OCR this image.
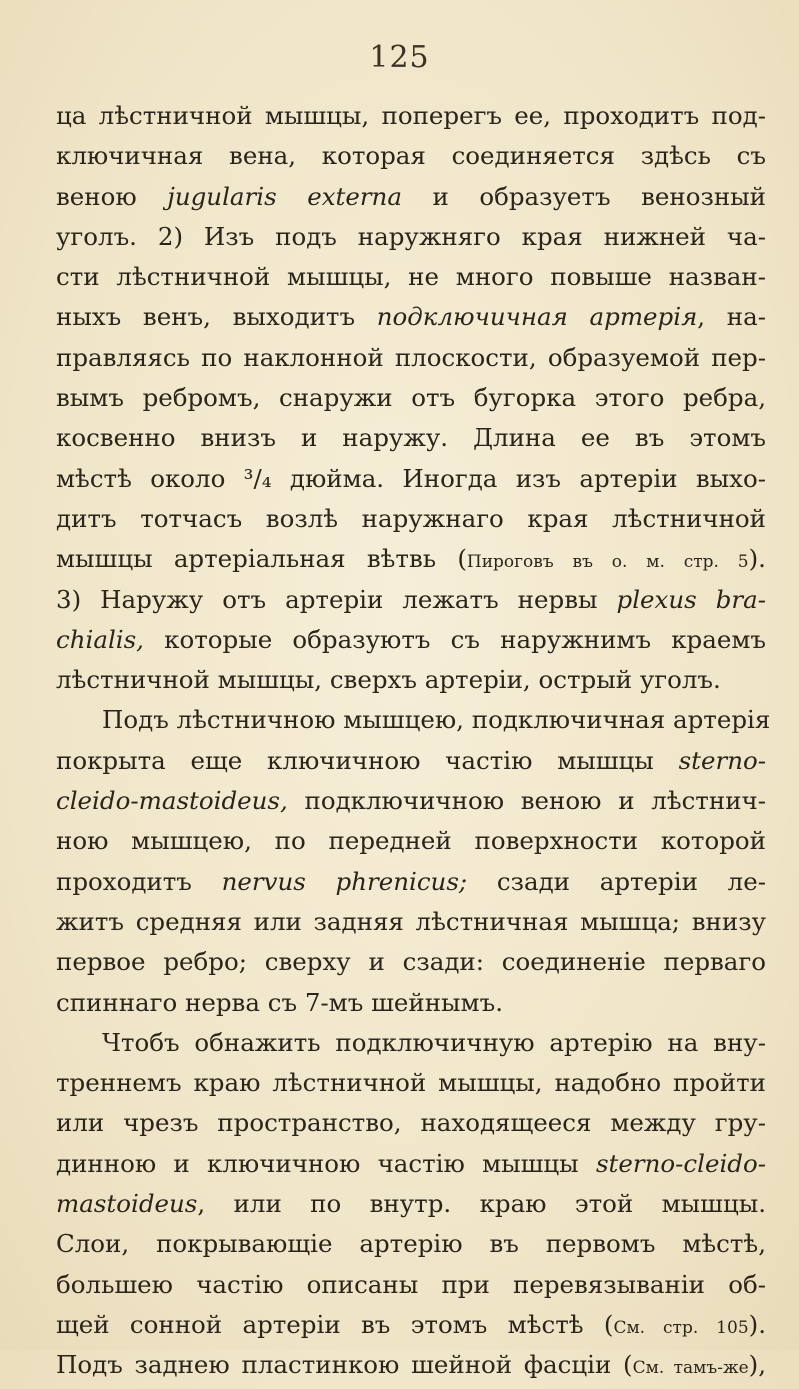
125
ца лѣстничной мышцы, поперегъ ее, проходитъ под-
ключичная вена, которая соединяется здѣсь съ
веною jugularis externa и образуетъ венозный
уголъ. 2) Изъ подъ наружняго края нижней ча-
сти лѣстничной мышцы, не много повыше назван-
ныхъ венъ, выходитъ подключичная артерія, на-
правляясь по наклонной плоскости, образуемой пер-
вымъ ребромъ, снаружи отъ бугорка этого ребра,
косвенно внизъ и наружу. Длина ее въ этомъ
мѣстѣ около ³/₄ дюйма. Иногда изъ артеріи выхо-
дитъ тотчасъ возлѣ наружнаго края лѣстничной
мышцы артеріальная вѣтвь (Пироговъ въ о. м. стр. 5).
3) Наружу отъ артеріи лежатъ нервы plexus bra-
chialis, которые образуютъ съ наружнимъ краемъ
лѣстничной мышцы, сверхъ артеріи, острый уголъ.
Подъ лѣстничною мышцею, подключичная артерія
покрыта еще ключичною частію мышцы sterno-
cleido-mastoideus, подключичною веною и лѣстнич-
ною мышцею, по передней поверхности которой
проходитъ nervus phrenicus; сзади артеріи ле-
житъ средняя или задняя лѣстничная мышца; внизу
первое ребро; сверху и сзади: соединеніе перваго
спиннаго нерва съ 7-мъ шейнымъ.
Чтобъ обнажить подключичную артерію на вну-
треннемъ краю лѣстничной мышцы, надобно пройти
или чрезъ пространство, находящееся между гру-
динною и ключичною частію мышцы sterno-cleido-
mastoideus, или по внутр. краю этой мышцы.
Слои, покрывающіе артерію въ первомъ мѣстѣ,
большею частію описаны при перевязываніи об-
щей сонной артеріи въ этомъ мѣстѣ (См. стр. 105).
Подъ заднею пластинкою шейной фасціи (См. тамъ-же),
